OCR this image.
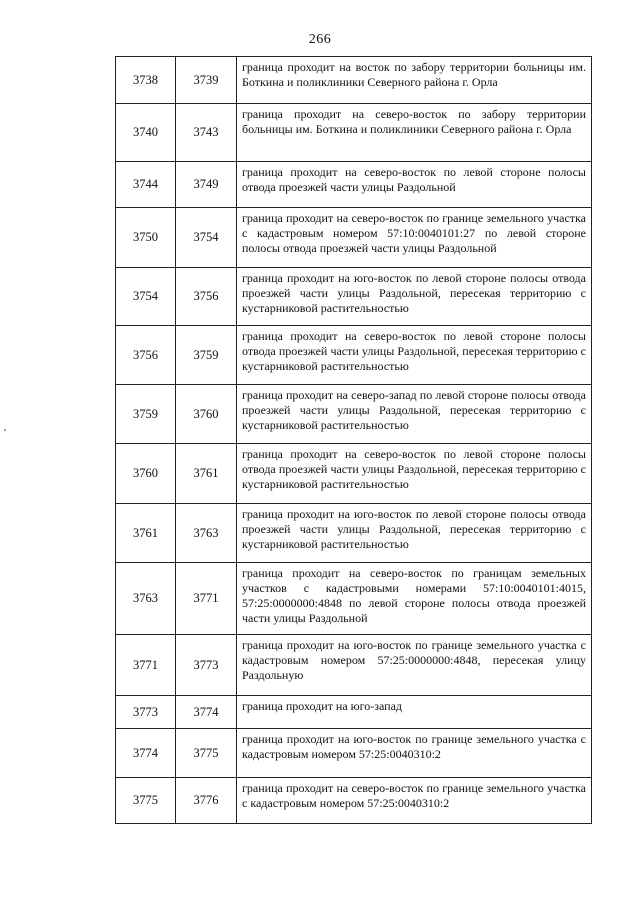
266
3738	3739	граница проходит на восток по забору территории больницы им. Боткина и поликлиники Северного района г. Орла
3740	3743	граница проходит на северо-восток по забору территории больницы им. Боткина и поликлиники Северного района г. Орла
3744	3749	граница проходит на северо-восток по левой стороне полосы отвода проезжей части улицы Раздольной
3750	3754	граница проходит на северо-восток по границе земельного участка с кадастровым номером 57:10:0040101:27 по левой стороне полосы отвода проезжей части улицы Раздольной
3754	3756	граница проходит на юго-восток по левой стороне полосы отвода проезжей части улицы Раздольной, пересекая территорию с кустарниковой растительностью
3756	3759	граница проходит на северо-восток по левой стороне полосы отвода проезжей части улицы Раздольной, пересекая территорию с кустарниковой растительностью
3759	3760	граница проходит на северо-запад по левой стороне полосы отвода проезжей части улицы Раздольной, пересекая территорию с кустарниковой растительностью
3760	3761	граница проходит на северо-восток по левой стороне полосы отвода проезжей части улицы Раздольной, пересекая территорию с кустарниковой растительностью
3761	3763	граница проходит на юго-восток по левой стороне полосы отвода проезжей части улицы Раздольной, пересекая территорию с кустарниковой растительностью
3763	3771	граница проходит на северо-восток по границам земельных участков с кадастровыми номерами 57:10:0040101:4015, 57:25:0000000:4848 по левой стороне полосы отвода проезжей части улицы Раздольной
3771	3773	граница проходит на юго-восток по границе земельного участка с кадастровым номером 57:25:0000000:4848, пересекая улицу Раздольную
3773	3774	граница проходит на юго-запад
3774	3775	граница проходит на юго-восток по границе земельного участка с кадастровым номером 57:25:0040310:2
3775	3776	граница проходит на северо-восток по границе земельного участка с кадастровым номером 57:25:0040310:2
